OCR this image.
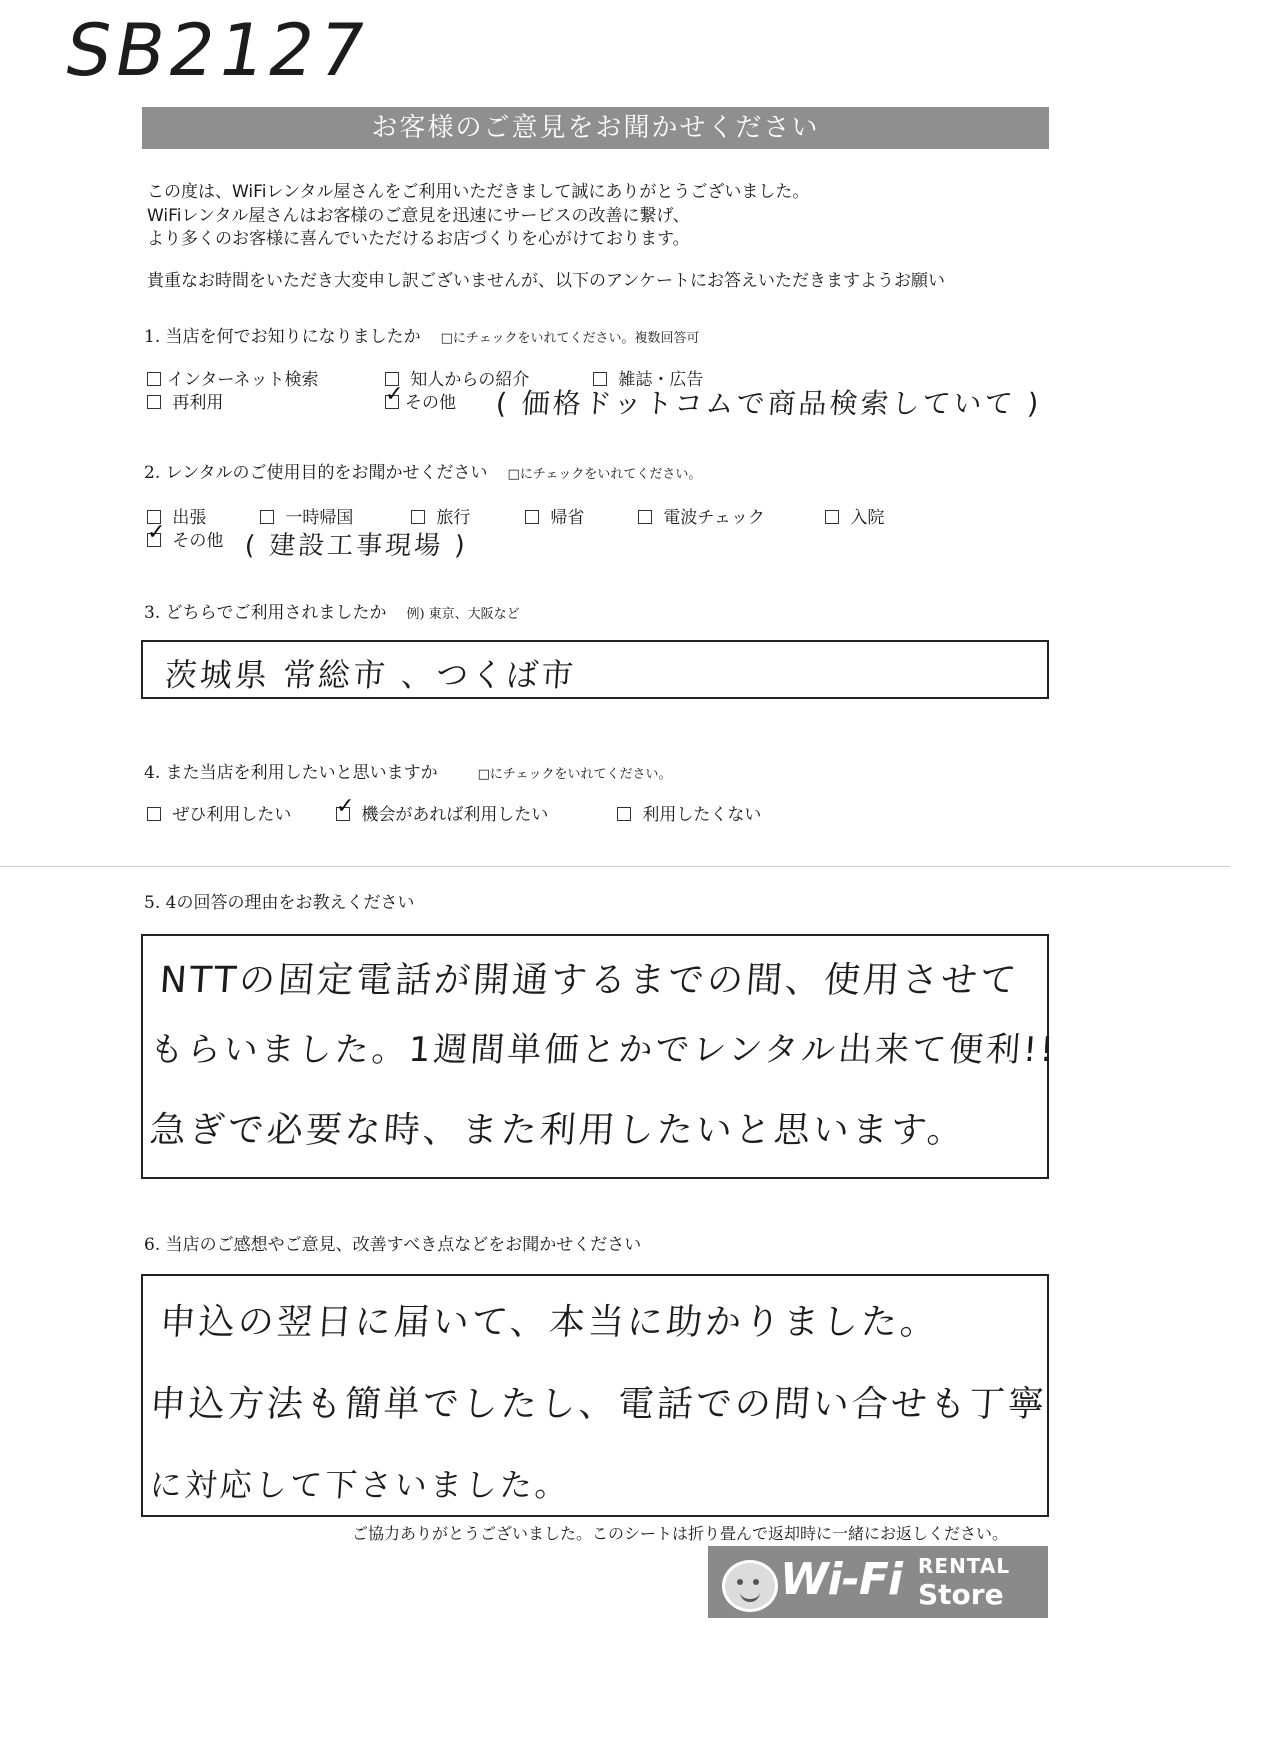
SB2127
お客様のご意見をお聞かせください
この度は、WiFiレンタル屋さんをご利用いただきまして誠にありがとうございました。
WiFiレンタル屋さんはお客様のご意見を迅速にサービスの改善に繋げ、
より多くのお客様に喜んでいただけるお店づくりを心がけております。
貴重なお時間をいただき大変申し訳ございませんが、以下のアンケートにお答えいただきますようお願い
1. 当店を何でお知りになりましたか □にチェックをいれてください。複数回答可
インターネット検索	知人からの紹介	雑誌・広告
再利用 ✓	その他 ( 価格ドットコムで商品検索していて )
2. レンタルのご使用目的をお聞かせください □にチェックをいれてください。
出張	一時帰国	旅行	帰省	電波チェック	入院
✓ その他 ( 建設工事現場 )
3. どちらでご利用されましたか 例) 東京、大阪など
茨城県 常総市 、つくば市
4. また当店を利用したいと思いますか	□にチェックをいれてください。
ぜひ利用したい ✓	機会があれば利用したい	利用したくない
5. 4の回答の理由をお教えください
NTTの固定電話が開通するまでの間、使用させて
もらいました。1週間単価とかでレンタル出来て便利!!
急ぎで必要な時、また利用したいと思います。
6. 当店のご感想やご意見、改善すべき点などをお聞かせください
申込の翌日に届いて、本当に助かりました。
申込方法も簡単でしたし、電話での問い合せも丁寧
に対応して下さいました。
ご協力ありがとうございました。このシートは折り畳んで返却時に一緒にお返しください。
Wi-Fi RENTAL
Store
